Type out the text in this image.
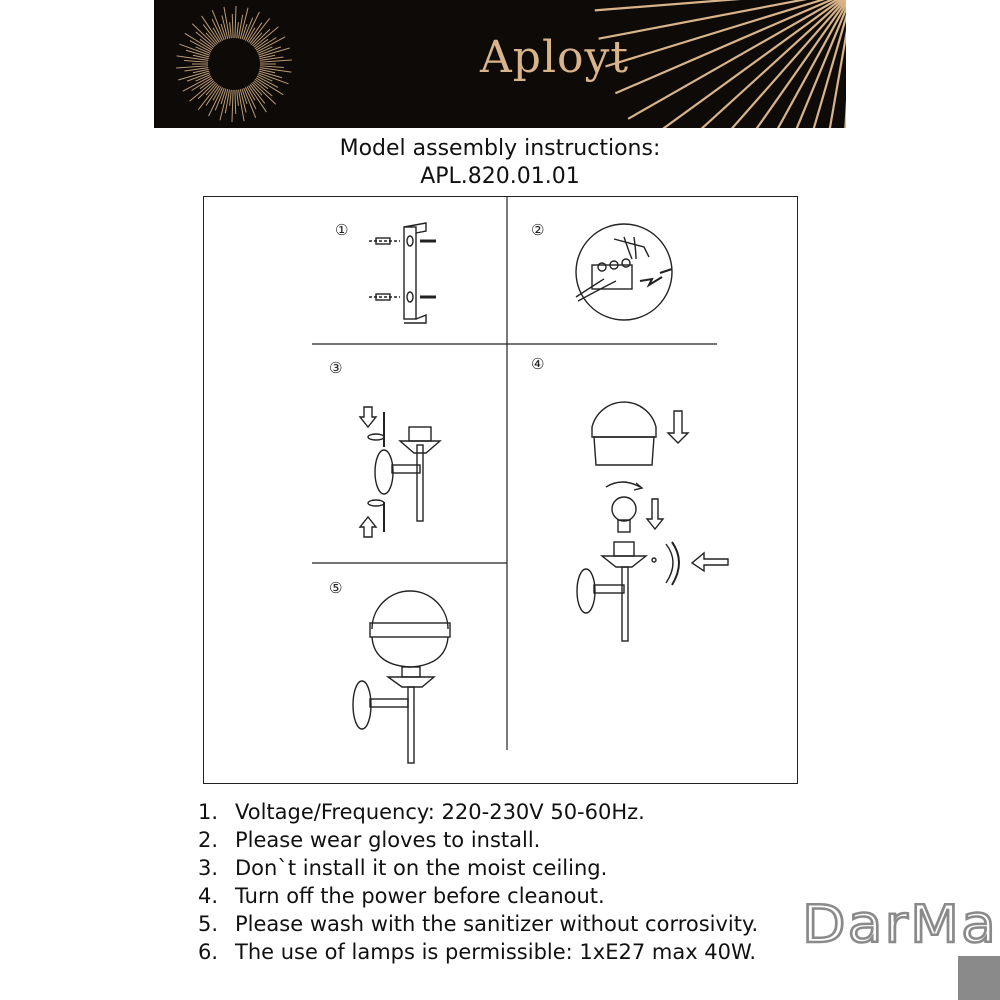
Aployt
Model assembly instructions:
APL.820.01.01
①	②
③	④
⑤
1. Voltage/Frequency: 220-230V 50-60Hz.
2. Please wear gloves to install.
3. Don`t install it on the moist ceiling.
4. Turn off the power before cleanout.
5. Please wash with the sanitizer without corrosivity.
6. The use of lamps is permissible: 1xE27 max 40W. DarMa
